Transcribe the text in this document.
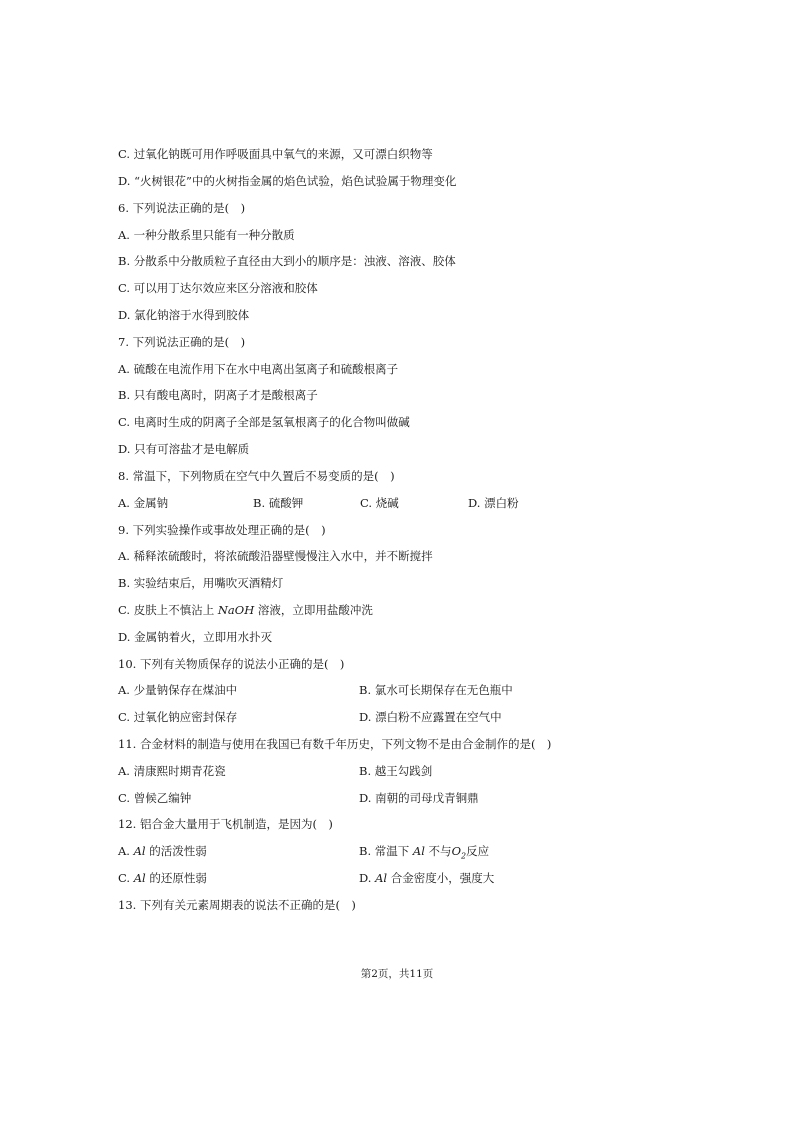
C. 过氧化钠既可用作呼吸面具中氧气的来源，又可漂白织物等
D. “火树银花”中的火树指金属的焰色试验，焰色试验属于物理变化
6. 下列说法正确的是(　)
A. 一种分散系里只能有一种分散质
B. 分散系中分散质粒子直径由大到小的顺序是：浊液、溶液、胶体
C. 可以用丁达尔效应来区分溶液和胶体
D. 氯化钠溶于水得到胶体
7. 下列说法正确的是(　)
A. 硫酸在电流作用下在水中电离出氢离子和硫酸根离子
B. 只有酸电离时，阴离子才是酸根离子
C. 电离时生成的阴离子全部是氢氧根离子的化合物叫做碱
D. 只有可溶盐才是电解质
8. 常温下，下列物质在空气中久置后不易变质的是(　)
A. 金属钠	B. 硫酸钾	C. 烧碱	D. 漂白粉
9. 下列实验操作或事故处理正确的是(　)
A. 稀释浓硫酸时，将浓硫酸沿器壁慢慢注入水中，并不断搅拌
B. 实验结束后，用嘴吹灭酒精灯
C. 皮肤上不慎沾上 NaOH 溶液，立即用盐酸冲洗
D. 金属钠着火，立即用水扑灭
10. 下列有关物质保存的说法小正确的是(　)
A. 少量钠保存在煤油中	B. 氯水可长期保存在无色瓶中
C. 过氧化钠应密封保存	D. 漂白粉不应露置在空气中
11. 合金材料的制造与使用在我国已有数千年历史，下列文物不是由合金制作的是(　)
A. 清康熙时期青花瓷	B. 越王勾践剑
C. 曾候乙编钟	D. 南朝的司母戊青铜鼎
12. 铝合金大量用于飞机制造，是因为(　)
A. Al 的活泼性弱	B. 常温下 Al 不与$O_2$反应
C. Al 的还原性弱	D. Al 合金密度小，强度大
13. 下列有关元素周期表的说法不正确的是(　)
第2页，共11页
